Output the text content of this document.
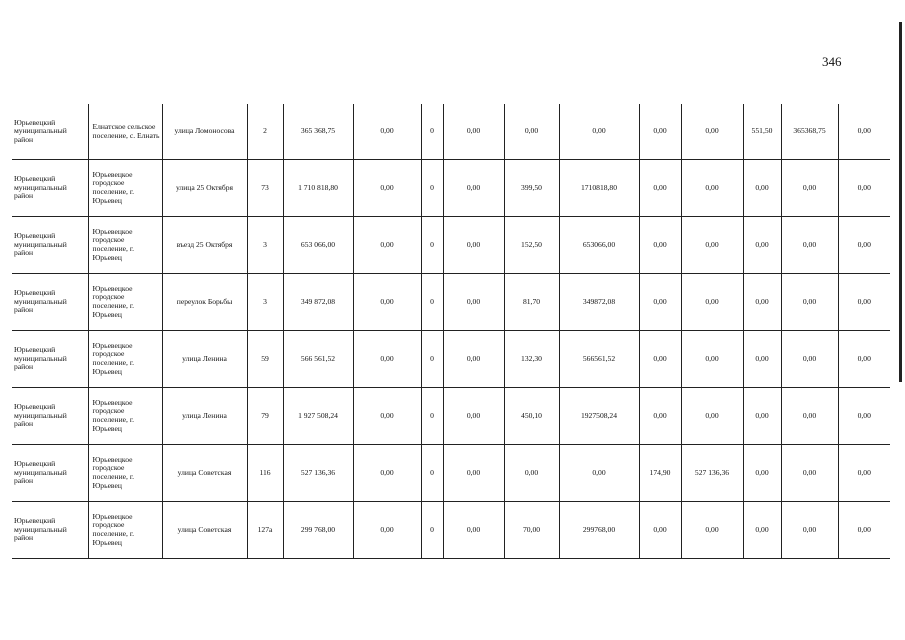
346
Юрьевецкий муниципальный район	Елнатское сельское поселение, с. Елнать	улица Ломоносова	2	365 368,75	0,00	0	0,00	0,00	0,00	0,00	0,00	551,50	365368,75	0,00
Юрьевецкий муниципальный район	Юрьевецкое городское поселение, г. Юрьевец	улица 25 Октября	73	1 710 818,80	0,00	0	0,00	399,50	1710818,80	0,00	0,00	0,00	0,00	0,00
Юрьевецкий муниципальный район	Юрьевецкое городское поселение, г. Юрьевец	въезд 25 Октября	3	653 066,00	0,00	0	0,00	152,50	653066,00	0,00	0,00	0,00	0,00	0,00
Юрьевецкий муниципальный район	Юрьевецкое городское поселение, г. Юрьевец	переулок Борьбы	3	349 872,08	0,00	0	0,00	81,70	349872,08	0,00	0,00	0,00	0,00	0,00
Юрьевецкий муниципальный район	Юрьевецкое городское поселение, г. Юрьевец	улица Ленина	59	566 561,52	0,00	0	0,00	132,30	566561,52	0,00	0,00	0,00	0,00	0,00
Юрьевецкий муниципальный район	Юрьевецкое городское поселение, г. Юрьевец	улица Ленина	79	1 927 508,24	0,00	0	0,00	450,10	1927508,24	0,00	0,00	0,00	0,00	0,00
Юрьевецкий муниципальный район	Юрьевецкое городское поселение, г. Юрьевец	улица Советская	116	527 136,36	0,00	0	0,00	0,00	0,00	174,90	527 136,36	0,00	0,00	0,00
Юрьевецкий муниципальный район	Юрьевецкое городское поселение, г. Юрьевец	улица Советская	127а	299 768,00	0,00	0	0,00	70,00	299768,00	0,00	0,00	0,00	0,00	0,00
